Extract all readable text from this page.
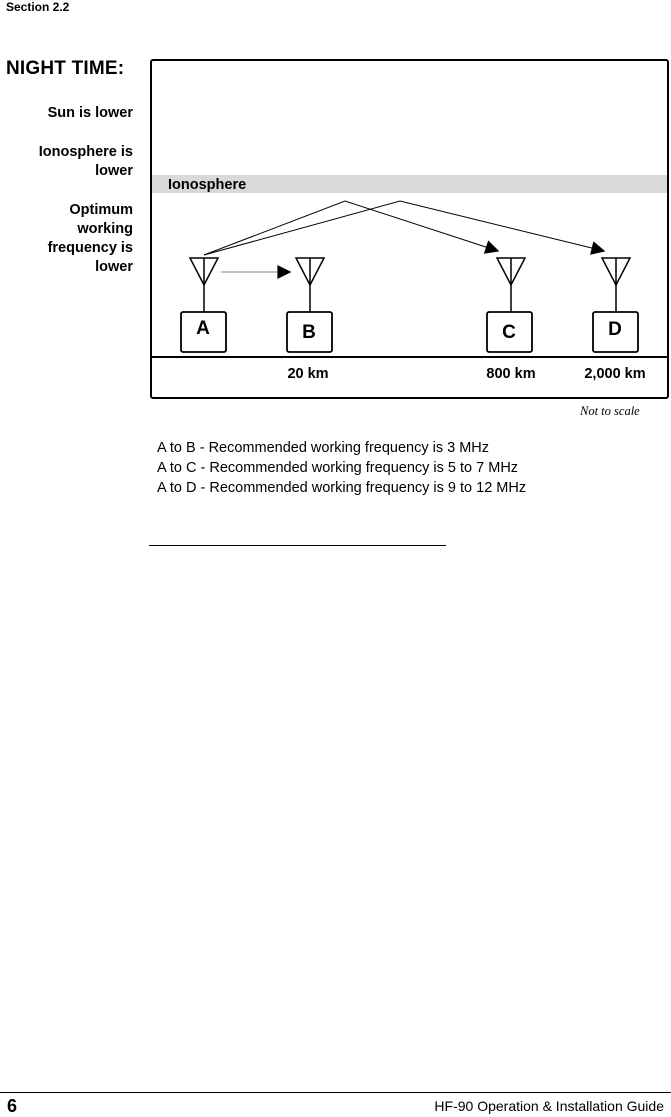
Section 2.2
NIGHT TIME:
Sun is lower
Ionosphere is
lower
Optimum
working
frequency is
lower
Ionosphere
A	B	C	D
20 km	800 km	2,000 km
Not to scale
A to B - Recommended working frequency is 3 MHz
A to C - Recommended working frequency is 5 to 7 MHz
A to D - Recommended working frequency is 9 to 12 MHz
6	HF-90 Operation & Installation Guide
